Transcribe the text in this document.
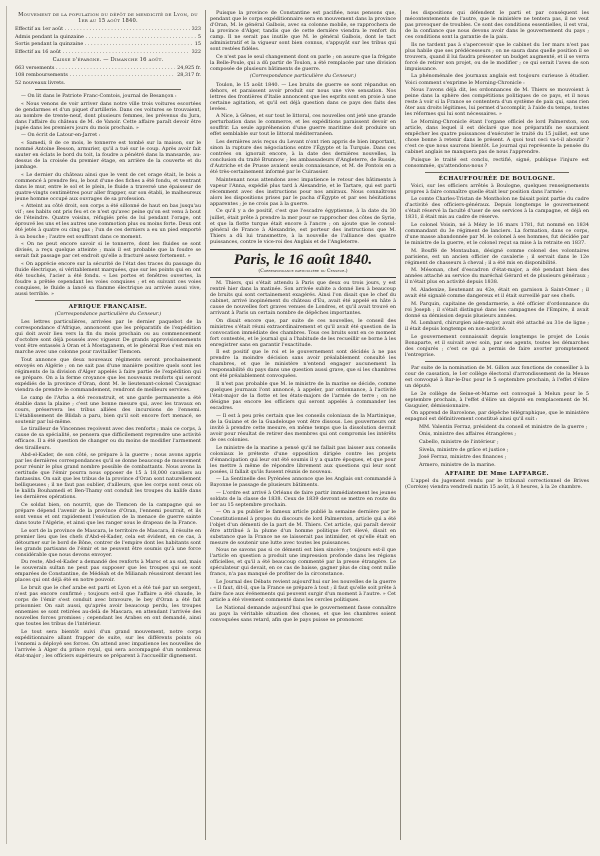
Mouvement de la population du dépôt de mendicité de Lyon, du 1er au 15 août 1840.

Effectif au 1er août . . .	323

Admis pendant la quinzaine . . .	5

Sortis pendant la quinzaine . . .	15

Effectif au 16 août . . .	322

Caisse d'épargne. — Dimanche 16 août.

663 versements . . .	24,925 fr.

108 remboursements . . .	28,317 fr.

52 nouveaux livrets.

— On lit dans le Patriote Franc-Comtois, journal de Besançon :

« Nous venons de voir arriver dans notre ville trois voitures escortées de gendarmes et d'un piquet d'artillerie. Dans ces voitures se trouvaient, au nombre de trente-neuf, dont plusieurs femmes, les prévenus du Jura, dans l'affaire du château de M. de Vanoir. Cette affaire paraît devoir être jugée dans les premiers jours du mois prochain. »

— On écrit de Latour-en-Jarret :

« Samedi, 8 de ce mois, le tonnerre est tombé sur la maison, sur le nommé Antoine Besson, armurier, qu'il a tué sur le coup. Après avoir fait sauter en éclats le bord du toit, la foudre a pénétré dans la mansarde, au-dessus de la croisée du premier étage, en arrière de la couverte et du jambage.

« Le dernier du château ainsi que le vent de cet orage était, le bois a commencé à prendre feu, le bout d'une des fiches a été fondu, et ventrant dans le mur, entre le sol et le plein, le fluide a traversé une épaisseur de quatre-vingts centimètres pour aller frapper, sur son établi, le malheureux jeune homme occupé aux ouvrages de sa profession.

« Atteint au côté droit, son corps a été sillonné de haut en bas jusqu'au vif ; ses habits ont pris feu et ce n'est qu'avec peine qu'on est venu à bout de l'éteindre. Quatre voisins, réfugiés près de lui pendant l'orage, ont éprouvé les uns et les autres une commotion plus ou moins forte. Deux ont été jetés à quatre ou cinq pas ; l'un de ces derniers a eu un pied emporté à sa bouche ; l'autre est souffrant dans ce moment.

« On ne peut encore savoir si le tonnerre, dont les fluides se sont divisés, a reçu quelque atteinte ; mais il est probable que la foudre se serait fait passage par cet endroit qu'elle a fracturé assez fortement. »

« On apprécie encore sur la sécurité de l'état des traces du passage du fluide électrique, si véritablement marquées, que sur les points qui en ont été touchés, l'acier a été fondu. « Les portes et fenêtres ouvertes, la foudre a prêtée cependant les voies conquises ; et en suivant ces voies conquises, le fluide a lancé sa flamme électrique au arrivée aussi vive, aussi terrible. »

AFRIQUE FRANÇAISE.

(Correspondance particulière du Censeur.)

Les lettres particulières, arrivées par le dernier paquebot de la correspondance d'Afrique, annoncent que les préparatifs de l'expédition qui doit avoir lieu vers la fin du mois prochain ou au commencement d'octobre sont déjà poussés avec vigueur. De grands approvisionnements vont être entassés à Oran et à Mostaganem, et le général Rue s'est mis en marche avec une colonne pour ravitailler Tlemcen.

Tout annonce que deux nouveaux régiments seront prochainement envoyés en Algérie ; on ne sait pas d'une manière positive quels sont les régiments de la division d'Alger appelés à faire partie de l'expédition qui se prépare. On a la ferme croyance que les nouveaux renforts qui seront expédiés de la province d'Oran, dont M. le lieutenant-colonel Cavaignac viendra de prendre le commandement, rendront de meilleurs services.

Le camp de l'Arba a été reconstruit, et une garde permanente a été établie dans la plaine ; c'est une bonne mesure qui, avec les travaux en cours, préservera les tribus alliées des incursions de l'ennemi. L'établissement de Blidah a paru, bien qu'il soit encore fort menacé, se soutenir par lui-même.

Le tirailleur de Vincennes reçoivent avec des renforts ; mais ce corps, à cause de sa spécialité, se pensera que difficilement reprendre une activité efficace. Il a été question de changer ou du moins de modifier l'armement des tirailleurs.

Abd-el-Kader, de son côté, se prépare à la guerre ; nous avons appris par les dernières correspondances qu'il se donne beaucoup de mouvement pour réunir le plus grand nombre possible de combattants. Nous avons la certitude que l'émir pourra nous opposer de 15 à 18,000 cavaliers au fantassins. On sait que les tribus de la province d'Oran sont naturellement belliqueuses ; il ne faut pas oublier, d'ailleurs, que les corps sont ceux où le kalifa Bouhamedi et Ben-Thamy ont conduit les troupes du kalife dans les dernières opérations.

Ce soldat bien, on nourrit, que de Tlemcen de la campagne qui se prépare dépend l'avenir de la province d'Oran, l'ennemi pourrait, et ils sont venus et ont rapidement l'exécution de la menace de guerre sainte dans toute l'Algérie, et ainsi que les ranger sous le drapeau de la France.

Le sort de la province de Mascara, le territoire de Mascara, il résulte en premier lieu que les chefs d'Abd-el-Kader, cela est évident, en ce cas, à détourner sur le bord de Bône, contrer de l'empire dont les habitants sont les grands partisans de l'émir et ne peuvent être soumis qu'à une force considérable que nous devons envoyer.

Du reste, Abd-el-Kader a demandé des renforts à Maroc et au sud, mais le souverain sultan ne peut pas supposer que les troupes qui se sont emparées de Constantine, de Médéah et de Milianah réussiront devant les places qui ont déjà été en notre pouvoir.

Le bruit que le chef arabe est parti et Lyon et a été tué par un sergent, n'est pas encore confirmé ; toujours est-il que l'affaire a été chaude, le corps de l'émir s'est conduit avec bravoure, le bey d'Oran a été fait prisonnier. On sait aussi, qu'après avoir beaucoup perdu, les troupes ennemies se sont retirées au-delà de Mascara, en attendant l'arrivée des nouvelles forces promises ; cependant les Arabes en ont demandé, ainsi que toutes les tribus de l'intérieur.

Le tout sera bientôt suivi d'un grand mouvement, notre corps expéditionnaire allant frapper de suite, sur les différents points où l'ennemi a déployé ses forces. On attend avec impatience les nouvelles de l'arrivée à Alger du prince royal, qui sera accompagné d'un nombreux état-major ; les officiers supérieurs se préparent à l'accueillir dignement.

Puisque la province de Constantine est pacifiée, nous pensons que, pendant que le corps expéditionnaire sera en mouvement dans la province d'Oran, M. le général Galbois, avec sa colonne mobile, se rapprochera de la province d'Alger, tandis que de cette dernière viendra le renfort du camp. Il ne serait pas inutile que M. le général Galbois, dont le tact administratif et la vigueur sont bien connus, s'appuyât sur les tribus qui sont restées fidèles.

Ce n'est pas le seul changement dont on parle ; on assure que la frégate la Belle-Poule, qui a dû partir de Toulon, a été remplacée par une division composée de plusieurs bâtiments de guerre.

(Correspondance particulière du Censeur.)

Toulon, le 15 août 1840. — Les bruits de guerre se sont répandus en dehors, et paraissent avoir produit sur nous une vive sensation. Nos lettres des frontières d'Italie annoncent que les esprits sont en proie à une certaine agitation, et qu'il est déjà question dans ce pays des faits des levées.

A Nice, à Gênes, et sur tout le littoral, ces nouvelles ont jeté une grande perturbation dans le commerce, et les expéditions paraissent devoir en souffrir. La seule appréhension d'une guerre maritime doit produire un effet semblable sur tout le littoral méditerranéen.

Les dernières avis reçus du Levant n'ont rien appris de bien important, sinon la rupture des négociations entre l'Égypte et la Turquie. Dans ces contrées on ignorait encore, à la date des dernières nouvelles, la conclusion du traité Brunnow ; les ambassadeurs d'Angleterre, de Russie, d'Autriche et de Prusse avaient seuls connaissance, et M. de Pontois en a été très-certainement informé par le Cuirassier.

Maintenant nous attendons avec impatience le retour des bâtiments à vapeur l'Anna, expédié plus tard à Alexandrie, et le Tartare, qui est parti récemment avec des instructions pour nos amiraux. Nous connaîtrons alors les dispositions prises par le pacha d'Égypte et par ses hésitations apparentes ; je ne crois pas à la guerre.

Ce qu'il y a de positif, c'est que l'escadre égyptienne, à la date du 30 juillet, était prête à prendre la mer pour se rapprocher des côtes de Syrie, et que la flotte turque était encore à l'ancre ; on ajoute que le consul-général de France à Alexandrie, est porteur des instructions que M. Thiers a dû lui transmettre, à la nouvelle de l'alliance des quatre puissances, contre le vice-roi des Anglais et de l'Angleterre.

Paris, le 16 août 1840.
(Correspondance particulière du Censeur.)

M. Thiers, qui s'était attendu à Paris que deux ou trois jours, y est rentré hier dans la matinée. Son arrivée subite a donné lieu à beaucoup de bruits qui sont certainement exagérés. Ainsi l'on disait que le chef du cabinet, arrivé inopinément du château d'Eu, avait été appelé en hâte à cause de nouvelles fort graves venues de Londres, et qu'il avait trouvé en arrivant à Paris un certain nombre de dépêches importantes.

On disait encore que, par suite de ces nouvelles, le conseil des ministres s'était réuni extraordinairement et qu'il avait été question de la convocation immédiate des chambres. Tous ces bruits sont en ce moment fort contestés, et le journal qui a l'habitude de les recueillir se borne à les enregistrer sans en garantir l'exactitude.

Il est positif que le roi et le gouvernement sont décidés à ne pas prendre la moindre décision sans avoir préalablement consulté les chambres, et que le ministère n'entend engager aucunement la responsabilité du pays dans une question aussi grave, que si les chambres ont été préalablement convoquées.

Il n'est pas probable que M. le ministre de la marine se décide, comme quelques journaux l'ont annoncé, à appeler, par ordonnance, à l'activité l'état-major de la flotte et les états-majors de l'armée de terre ; on ne désigne pas encore les officiers qui seront appelés à commander les escadres.

— Il est à peu près certain que les conseils coloniaux de la Martinique, de la Guiane et de la Guadeloupe vont être dissous. Les gouverneurs ont invité à prendre cette mesure, en même temps que la dissolution devrait avoir pour résultat de retirer des membres qui ont compromis les intérêts de ces colonies.

Le ministre de la marine a pensé qu'il ne fallait pas laisser aux conseils coloniaux le prétexte d'une opposition dirigée contre les projets d'émancipation qui leur ont été soumis il y a quatre époques, et que pour les mettre à même de répondre librement aux questions qui leur sont posées, il fallait qu'ils fussent réunis de nouveau.

— La Sentinelle des Pyrénées annonce que les Anglais ont commandé à Bayonne le passage de plusieurs bâtiments.

— L'ordre est arrivé à Orléans de faire partir immédiatement les jeunes soldats de la classe de 1838. Ceux de 1839 devront se mettre en route du 1er au 15 septembre prochain.

— On a pu publier le fameux article publié la semaine dernière par le Constitutionnel à propos du discours de lord Palmerston, article qui a été l'objet d'un démenti de la part de M. Thiers. Cet article, qui paraît devoir être attribué à la plume d'un homme politique fort élevé, disait en substance que la France ne se laisserait pas intimider, et qu'elle était en mesure de soutenir une lutte avec toutes les puissances.

Nous ne savons pas si ce démenti est bien sincère ; toujours est-il que l'article en question a produit une impression profonde dans les régions officielles, et qu'il a été beaucoup commenté par la presse étrangère. Le spéculateur qui devait, en ce cas de baisse, gagner plus de cinq cent mille francs, n'a pas manqué de profiter de la circonstance.

Le Journal des Débats revient aujourd'hui sur les nouvelles de la guerre : « Il faut, dit-il, que la France se prépare à tout ; il faut qu'elle soit prête à faire face aux événements qui peuvent surgir d'un moment à l'autre. » Cet article a été vivement commenté dans les cercles politiques.

Le National demande aujourd'hui que le gouvernement fasse connaître au pays la véritable situation des choses, et que les chambres soient convoquées sans retard, afin que le pays puisse se prononcer.

les dispositions qui défendent le parti et par conséquent les mécontentements de l'autre, que le ministère ne tentera pas, il ne veut pas provoquer de troubles. Ce sont des conditions essentielles, il est vrai, de la confiance que nous devons avoir dans le gouvernement du pays ; ces conditions sont la garantie de la paix.

Ils ne tardent pas à s'apercevoir que le cabinet du 1er mars n'est pas plus habile que ses prédécesseurs ; on ne saura dans quelle position il se trouvera, quand il lui faudra présenter un budget augmenté, et il se verra forcé de retirer son projet, ou de le modifier ; ce qui serait l'aveu de son impuissance.

La phénoménale des journaux anglais est toujours curieuse à étudier. Voici comment s'exprime le Morning-Chronicle :

Nous l'avons déjà dit, les ordonnances de M. Thiers se mouvoient à peine dans la sphère des compétitions politiques de ce pays, et il nous reste à voir si la France se contentera d'un système de paix qui, sans rien ôter aux droits légitimes, lui permet d'accomplir, à l'aide du temps, toutes les réformes qui lui sont nécessaires. »

Le Morning-Chronicle étant l'organe officiel de lord Palmerston, son article, dans lequel il est déclaré que nos préparatifs ne sauraient empêcher les quatre puissances d'exécuter le traité du 15 juillet, est une chose bonne à retenir dans le présent. A quoi tout ceci va-t-il aboutir ? c'est ce que nous saurons bientôt. Le journal qui représente la pensée du cabinet anglais ne manquera pas de nous l'apprendre.

Puisque le traité est conclu, rectifié, signé, publique l'injure est consommée, qu'attendons-nous ?

ÉCHAUFFOURÉE DE BOULOGNE.

Voici, sur les officiers arrêtés à Boulogne, quelques renseignements propres à faire connaître quelle était leur position dans l'armée :

Le comte Charles-Tristan de Montholon ne faisait point partie du cadre d'activité des officiers-généraux. Depuis longtemps le gouvernement s'était réservé la faculté d'user de ses services à la campagne, et déjà en 1831, il était mis au cadre de réserve.

Le colonel Voisin, né à Mézy le 16 mars 1781, fut nommé en 1834 commandant du 3e régiment de lanciers. La formation, dans ce corps, d'une masse abandonnée par M. le colonel à ses hommes, fut décidée par le ministre de la guerre, et le colonel reçut sa mise à la retraite en 1837.

M. Bouffé de Montauban, désigné comme colonel des volontaires parisiens, est un ancien officier de cavalerie ; il servait dans le 12e régiment de chasseurs à cheval ; il a été mis en disponibilité.

M. Mésonan, chef d'escadron d'état-major, a été pendant bien des années attaché au service du maréchal Gérard et de plusieurs généraux ; il n'était plus en activité depuis 1838.

M. Aladenize, lieutenant au 42e, était en garnison à Saint-Omer ; il avait été signalé comme dangereux et il était surveillé par ses chefs.

M. Parquin, capitaine de gendarmerie, a été officier d'ordonnance du roi Joseph ; il s'était distingué dans les campagnes de l'Empire, il avait donné sa démission depuis plusieurs années.

M. Lombard, chirurgien aide-major, avait été attaché au 31e de ligne ; il était depuis longtemps en non-activité.

Le gouvernement connaissait depuis longtemps le projet de Louis Bonaparte, et il suivait avec soin, par ses agents, toutes les démarches des conjurés ; c'est ce qui a permis de faire avorter promptement l'entreprise.

Par suite de la nomination de M. Gillon aux fonctions de conseiller à la cour de cassation, le 1er collège électoral d'arrondissement de la Meuse est convoqué à Bar-le-Duc pour le 5 septembre prochain, à l'effet d'élire un député.

Le 2e collège de Seine-et-Marne est convoqué à Melun pour le 5 septembre prochain, à l'effet d'élire un député en remplacement de M. Gauguier, démissionnaire.

On apprend de Barcelone, par dépêche télégraphique, que le ministère espagnol est définitivement constitué ainsi qu'il suit :

MM. Valentin Ferraz, président du conseil et ministre de la guerre ;

Onis, ministre des affaires étrangères ;

Cabello, ministre de l'intérieur ;

Sivela, ministre de grâce et justice ;

José Ferraz, ministre des finances ;

Armero, ministre de la marine.

AFFAIRE DE Mme LAFFARGE.

L'appel du jugement rendu par le tribunal correctionnel de Brives (Corrèze) viendra vendredi matin 15 août, à 8 heures, à la 2e chambre.
